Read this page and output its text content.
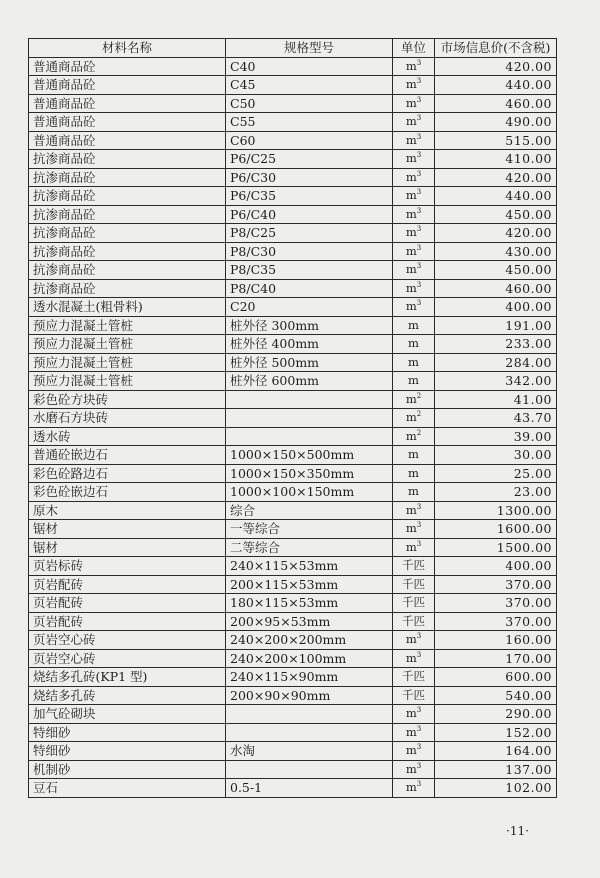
材料名称	规格型号	单位	市场信息价(不含税)
普通商品砼	C40	$m^3$	420.00
普通商品砼	C45	$m^3$	440.00
普通商品砼	C50	$m^3$	460.00
普通商品砼	C55	$m^3$	490.00
普通商品砼	C60	$m^3$	515.00
抗渗商品砼	P6/C25	$m^3$	410.00
抗渗商品砼	P6/C30	$m^3$	420.00
抗渗商品砼	P6/C35	$m^3$	440.00
抗渗商品砼	P6/C40	$m^3$	450.00
抗渗商品砼	P8/C25	$m^3$	420.00
抗渗商品砼	P8/C30	$m^3$	430.00
抗渗商品砼	P8/C35	$m^3$	450.00
抗渗商品砼	P8/C40	$m^3$	460.00
透水混凝土(粗骨料)	C20	$m^3$	400.00
预应力混凝土管桩	桩外径 300mm	m	191.00
预应力混凝土管桩	桩外径 400mm	m	233.00
预应力混凝土管桩	桩外径 500mm	m	284.00
预应力混凝土管桩	桩外径 600mm	m	342.00
彩色砼方块砖		$m^2$	41.00
水磨石方块砖		$m^2$	43.70
透水砖		$m^2$	39.00
普通砼嵌边石	1000×150×500mm	m	30.00
彩色砼路边石	1000×150×350mm	m	25.00
彩色砼嵌边石	1000×100×150mm	m	23.00
原木	综合	$m^3$	1300.00
锯材	一等综合	$m^3$	1600.00
锯材	二等综合	$m^3$	1500.00
页岩标砖	240×115×53mm	千匹	400.00
页岩配砖	200×115×53mm	千匹	370.00
页岩配砖	180×115×53mm	千匹	370.00
页岩配砖	200×95×53mm	千匹	370.00
页岩空心砖	240×200×200mm	$m^3$	160.00
页岩空心砖	240×200×100mm	$m^3$	170.00
烧结多孔砖(KP1 型)	240×115×90mm	千匹	600.00
烧结多孔砖	200×90×90mm	千匹	540.00
加气砼砌块		$m^3$	290.00
特细砂		$m^3$	152.00
特细砂	水淘	$m^3$	164.00
机制砂		$m^3$	137.00
豆石	0.5-1	$m^3$	102.00
·11·
